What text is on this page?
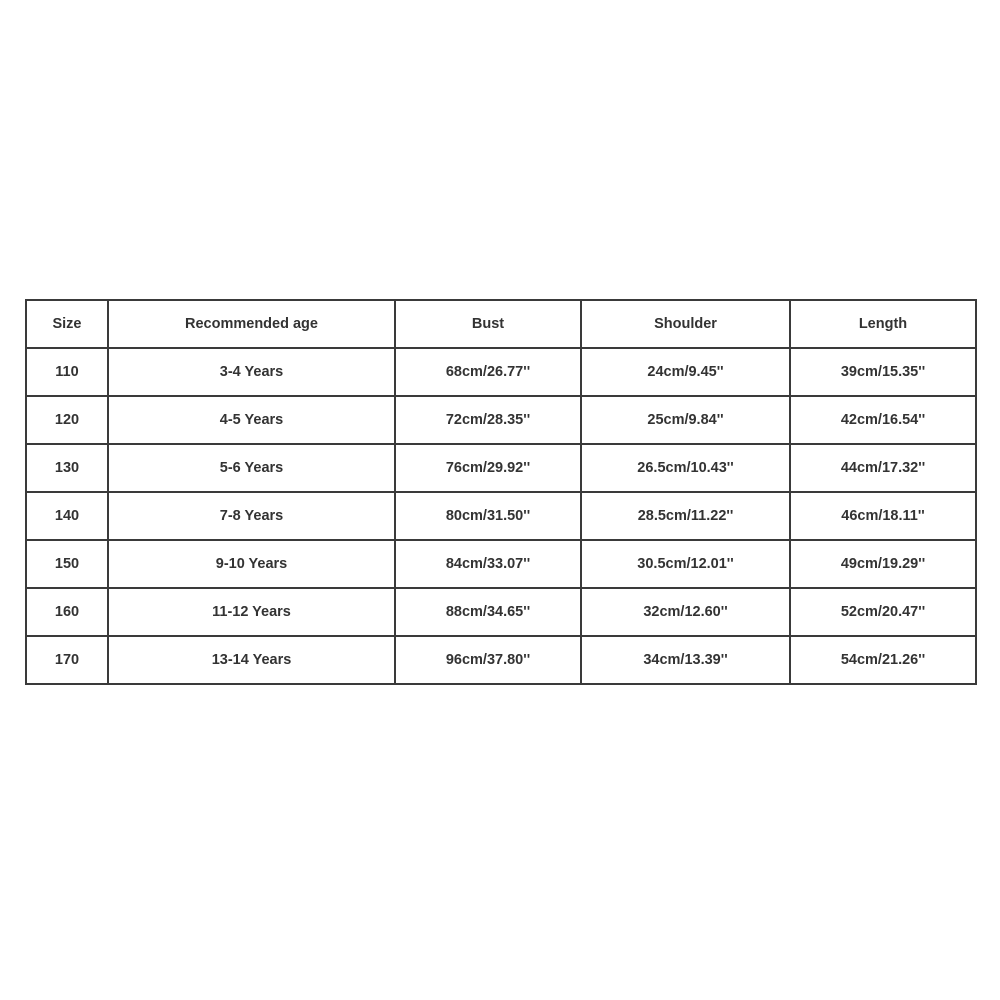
Size	Recommended age	Bust	Shoulder	Length
110	3-4 Years	68cm/26.77''	24cm/9.45''	39cm/15.35''
120	4-5 Years	72cm/28.35''	25cm/9.84''	42cm/16.54''
130	5-6 Years	76cm/29.92''	26.5cm/10.43''	44cm/17.32''
140	7-8 Years	80cm/31.50''	28.5cm/11.22''	46cm/18.11''
150	9-10 Years	84cm/33.07''	30.5cm/12.01''	49cm/19.29''
160	11-12 Years	88cm/34.65''	32cm/12.60''	52cm/20.47''
170	13-14 Years	96cm/37.80''	34cm/13.39''	54cm/21.26''
